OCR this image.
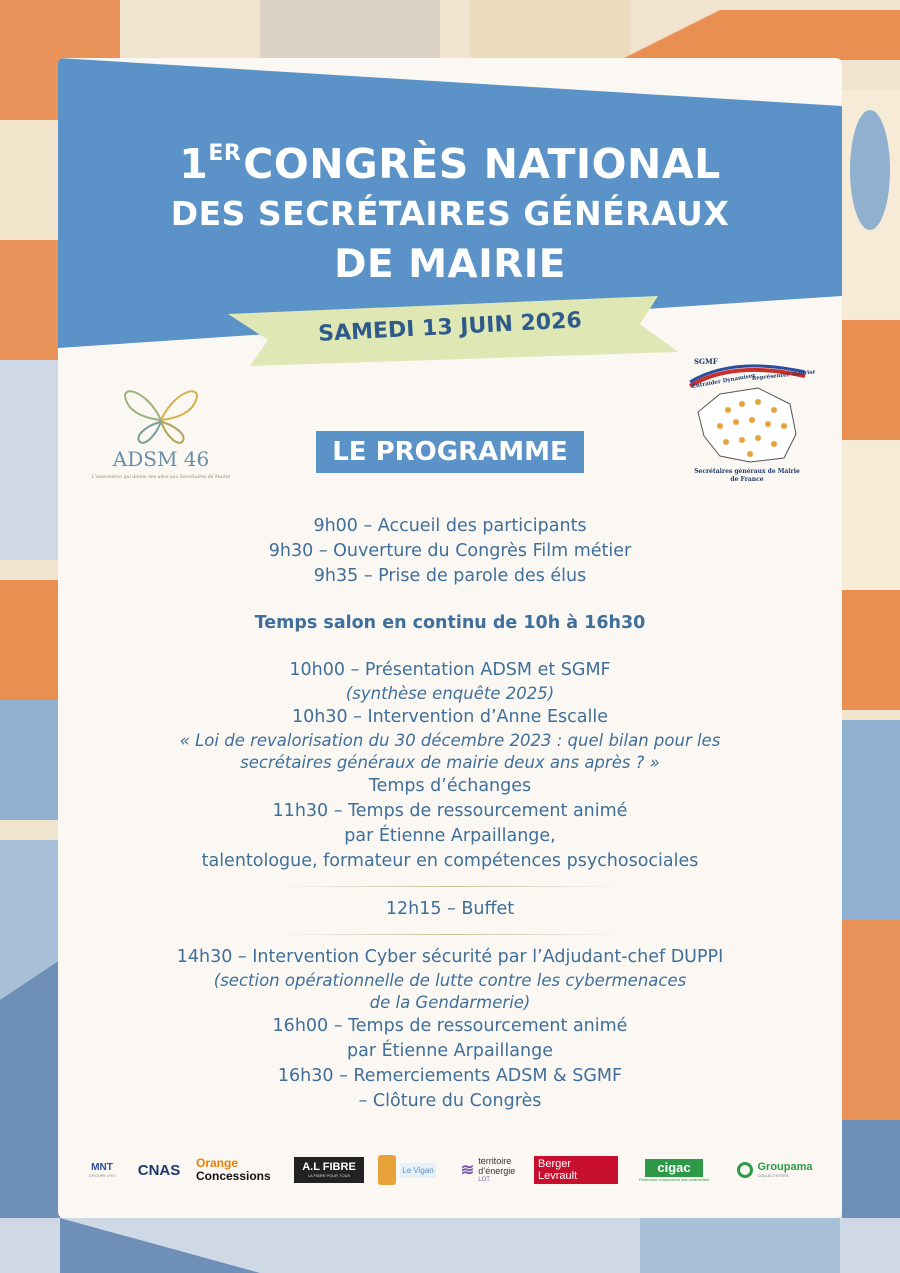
1ERCONGRÈS NATIONAL
DES SECRÉTAIRES GÉNÉRAUX
DE MAIRIE
SAMEDI 13 JUIN 2026
ADSM 46
L'association qui donne des ailes aux Secrétaires de Mairie
SGMF
Entraider Dynamiser
Représenter Valoriser
Secrétaires généraux de Mairie
de France
LE PROGRAMME
9h00 – Accueil des participants
9h30 – Ouverture du Congrès Film métier
9h35 – Prise de parole des élus
Temps salon en continu de 10h à 16h30
10h00 – Présentation ADSM et SGMF
(synthèse enquête 2025)
10h30 – Intervention d’Anne Escalle
« Loi de revalorisation du 30 décembre 2023 : quel bilan pour les
secrétaires généraux de mairie deux ans après ? »
Temps d’échanges
11h30 – Temps de ressourcement animé
par Étienne Arpaillange,
talentologue, formateur en compétences psychosociales
12h15 – Buffet
14h30 – Intervention Cyber sécurité par l’Adjudant-chef DUPPI
(section opérationnelle de lutte contre les cybermenaces
de la Gendarmerie)
16h00 – Temps de ressourcement animé
par Étienne Arpaillange
16h30 – Remerciements ADSM & SGMF
– Clôture du Congrès
MNT
GROUPE VYV	CNAS	Orange
Concessions
A.L FIBRE
LA FIBRE POUR TOUS
Le Vigan ≋
territoire
d’énergie
LOT
Berger
Levrault
cigac
Partenaire d’assurance des collectivités
Groupama
COLLECTIVITÉS
